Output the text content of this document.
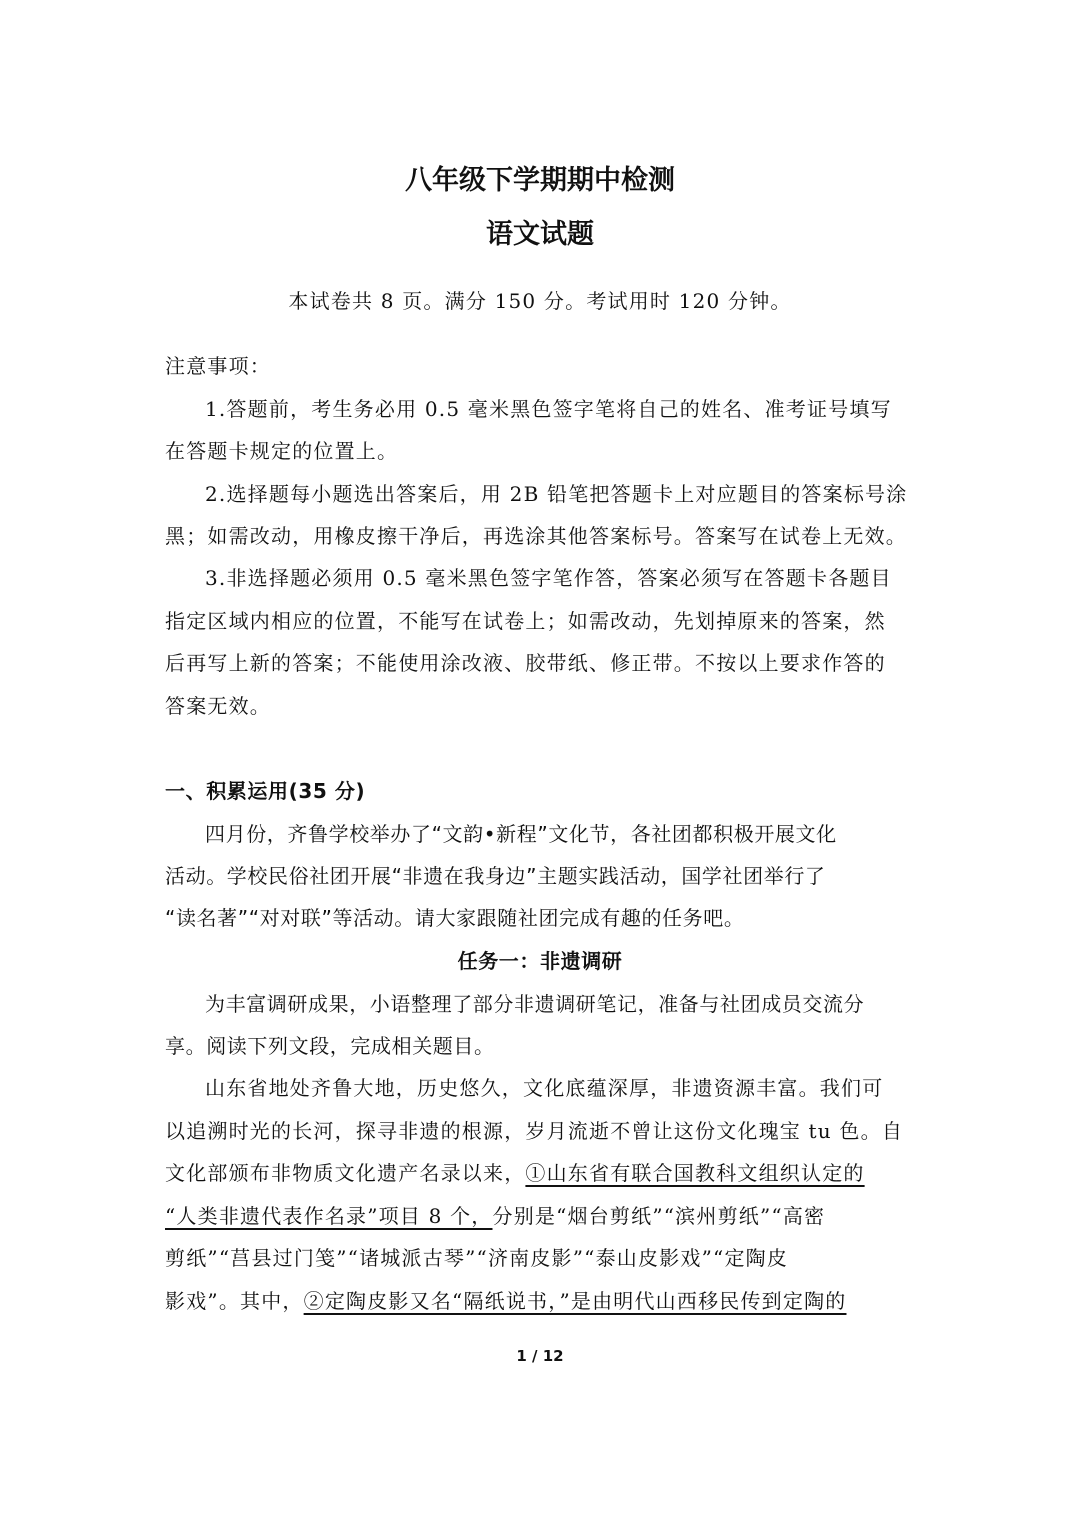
八年级下学期期中检测
语文试题
本试卷共 8 页。满分 150 分。考试用时 120 分钟。
注意事项：
1.答题前，考生务必用 0.5 毫米黑色签字笔将自己的姓名、准考证号填写
在答题卡规定的位置上。
2.选择题每小题选出答案后，用 2B 铅笔把答题卡上对应题目的答案标号涂
黑；如需改动，用橡皮擦干净后，再选涂其他答案标号。答案写在试卷上无效。
3.非选择题必须用 0.5 毫米黑色签字笔作答，答案必须写在答题卡各题目
指定区域内相应的位置，不能写在试卷上；如需改动，先划掉原来的答案，然
后再写上新的答案；不能使用涂改液、胶带纸、修正带。不按以上要求作答的
答案无效。
一、积累运用(35 分)
四月份，齐鲁学校举办了“文韵•新程”文化节，各社团都积极开展文化
活动。学校民俗社团开展“非遗在我身边”主题实践活动，国学社团举行了
“读名著”“对对联”等活动。请大家跟随社团完成有趣的任务吧。
任务一：非遗调研
为丰富调研成果，小语整理了部分非遗调研笔记，准备与社团成员交流分
享。阅读下列文段，完成相关题目。
山东省地处齐鲁大地，历史悠久，文化底蕴深厚，非遗资源丰富。我们可
以追溯时光的长河，探寻非遗的根源，岁月流逝不曾让这份文化瑰宝 tu 色。自
文化部颁布非物质文化遗产名录以来，①山东省有联合国教科文组织认定的
“人类非遗代表作名录”项目 8 个，分别是“烟台剪纸”“滨州剪纸”“高密
剪纸”“莒县过门笺”“诸城派古琴”“济南皮影”“泰山皮影戏”“定陶皮
影戏”。其中，②定陶皮影又名“隔纸说书，”是由明代山西移民传到定陶的
1 / 12
